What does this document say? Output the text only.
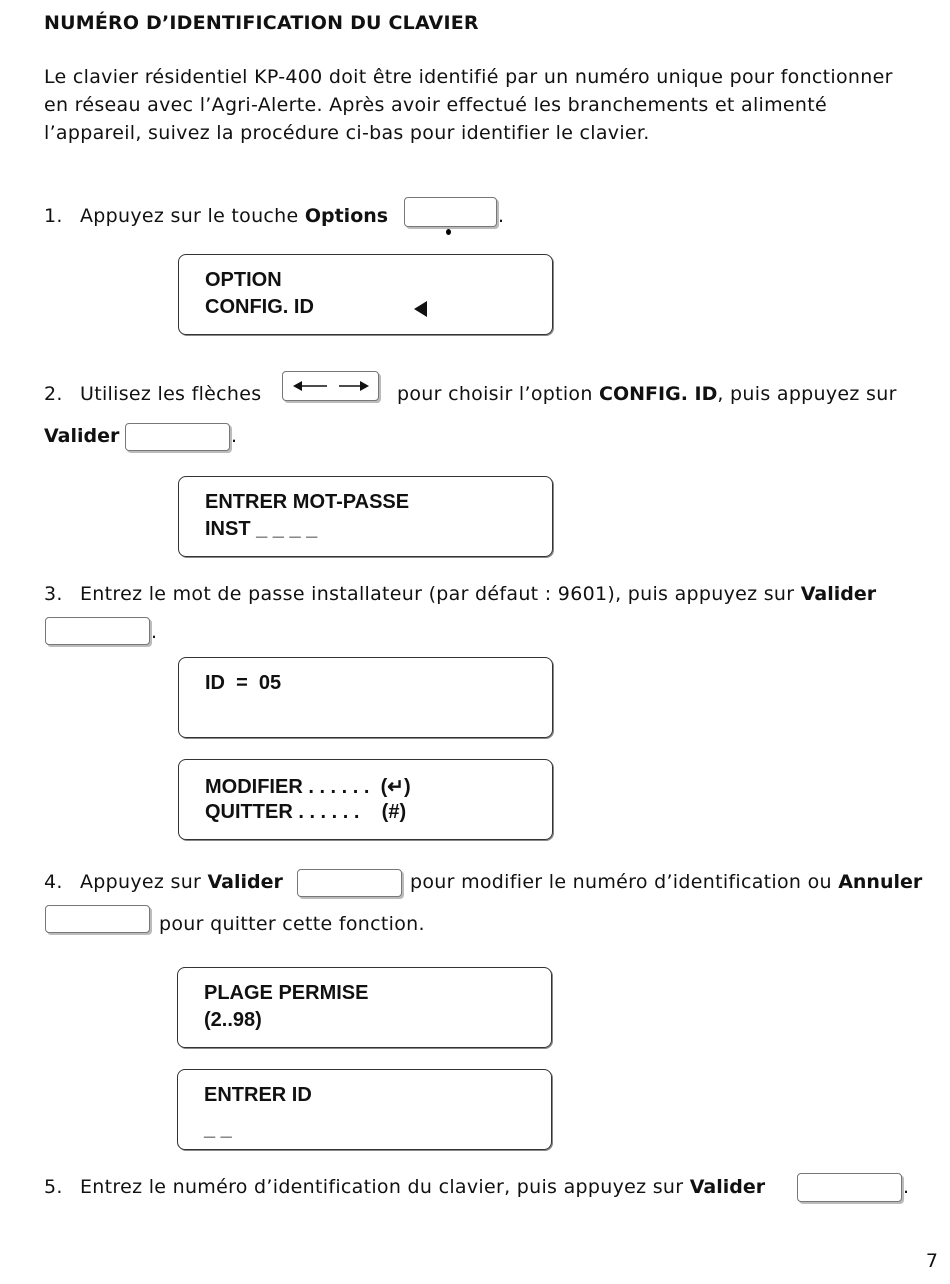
NUMÉRO D’IDENTIFICATION DU CLAVIER
Le clavier résidentiel KP-400 doit être identifié par un numéro unique pour fonctionner
en réseau avec l’Agri-Alerte. Après avoir effectué les branchements et alimenté
l’appareil, suivez la procédure ci-bas pour identifier le clavier.
1. Appuyez sur le touche Options	.
OPTION
CONFIG. ID
2. Utilisez les flèches	pour choisir l’option CONFIG. ID, puis appuyez sur
Valider	.
ENTRER MOT-PASSE
INST _ _ _ _
3. Entrez le mot de passe installateur (par défaut : 9601), puis appuyez sur Valider
.
ID  =  05
MODIFIER . . . . . .  (↵)
QUITTER . . . . . .    (#)
4. Appuyez sur Valider	pour modifier le numéro d’identification ou Annuler
pour quitter cette fonction.
PLAGE PERMISE
(2..98)
ENTRER ID
_ _
5. Entrez le numéro d’identification du clavier, puis appuyez sur Valider	.
7
